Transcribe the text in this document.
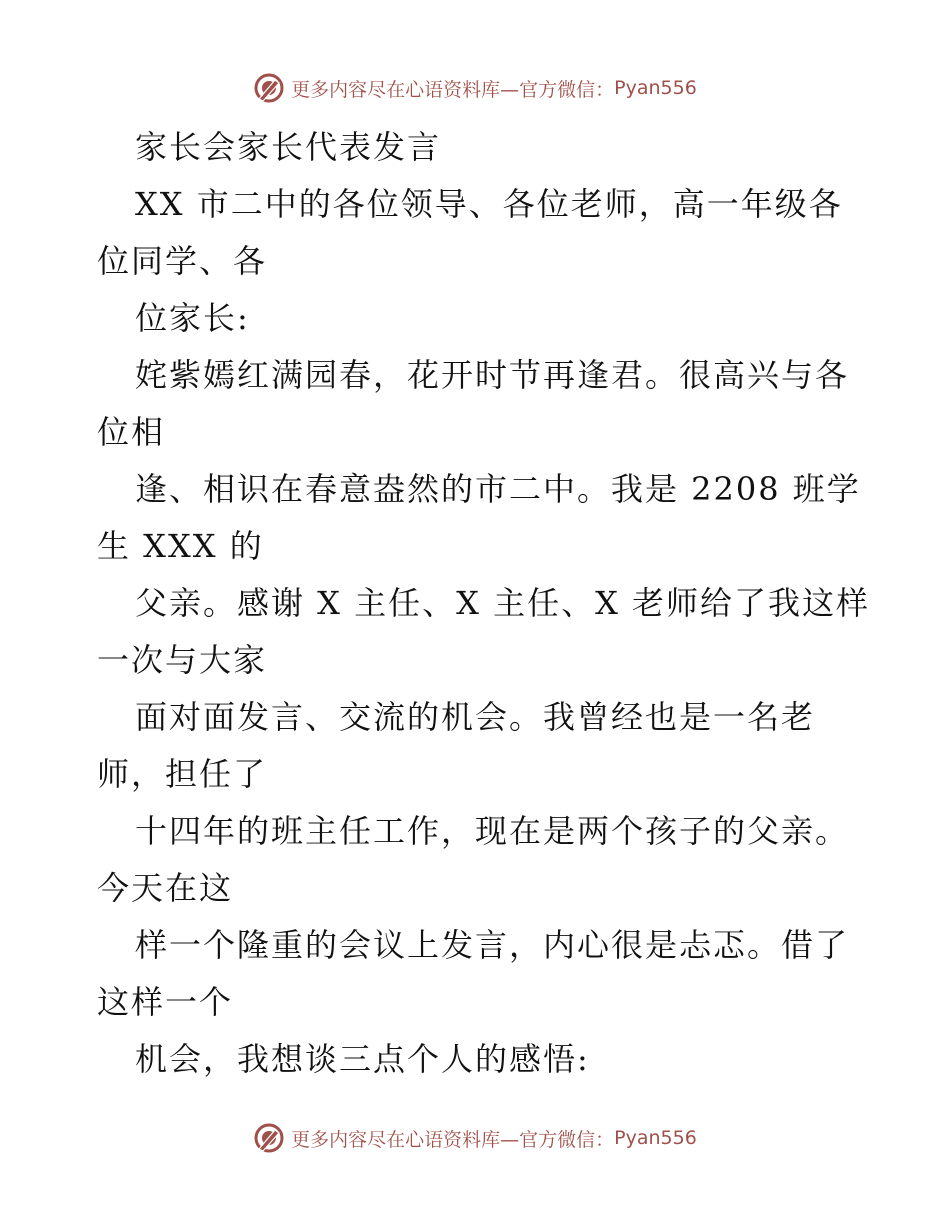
更多内容尽在心语资料库—官方微信： Pyan556
家长会家长代表发言
XX 市二中的各位领导、各位老师，高一年级各
位同学、各
位家长:
姹紫嫣红满园春，花开时节再逢君。很高兴与各
位相
逢、相识在春意盎然的市二中。我是 2208 班学
生 XXX 的
父亲。感谢 X 主任、X 主任、X 老师给了我这样
一次与大家
面对面发言、交流的机会。我曾经也是一名老
师，担任了
十四年的班主任工作，现在是两个孩子的父亲。
今天在这
样一个隆重的会议上发言，内心很是忐忑。借了
这样一个
机会，我想谈三点个人的感悟:
更多内容尽在心语资料库—官方微信： Pyan556
